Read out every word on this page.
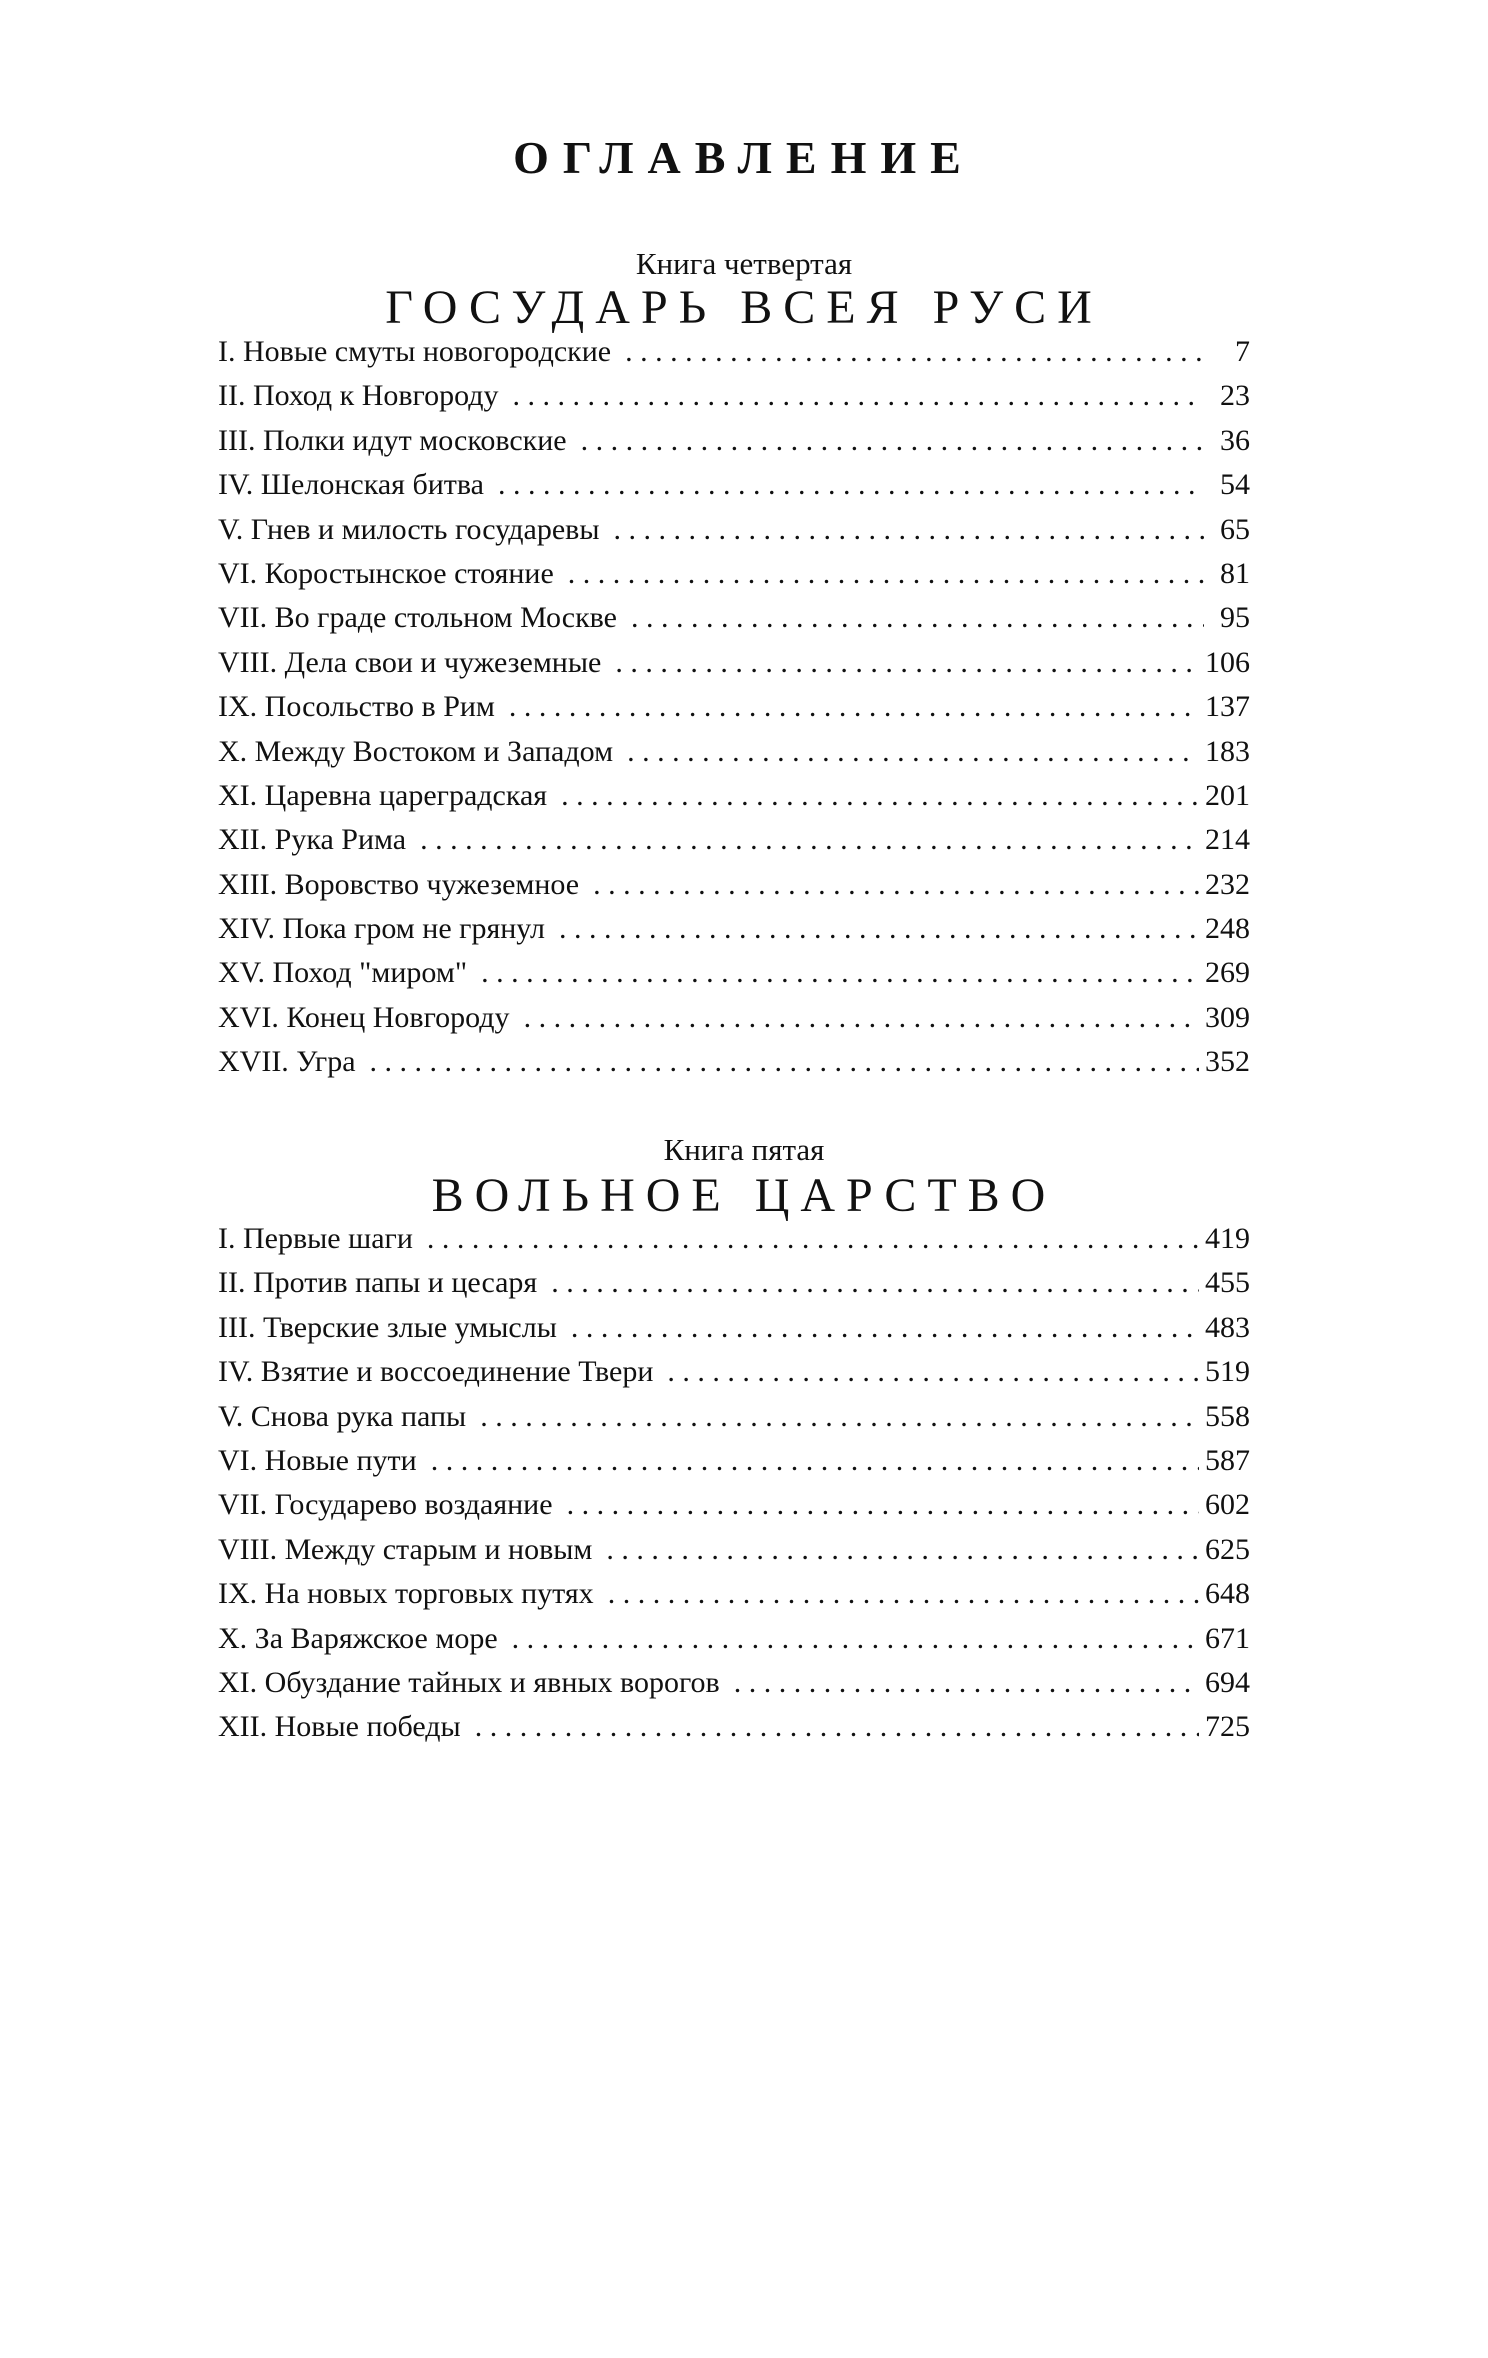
ОГЛАВЛЕНИЕ
Книга четвертая
ГОСУДАРЬ ВСЕЯ РУСИ
I. Новые смуты новогородские . . .	7
II. Поход к Новгороду . . .	23
III. Полки идут московские . . .	36
IV. Шелонская битва . . .	54
V. Гнев и милость государевы . . .	65
VI. Коростынское стояние . . .	81
VII. Во граде стольном Москве . . .	95
VIII. Дела свои и чужеземные . . .	106
IX. Посольство в Рим . . .	137
X. Между Востоком и Западом . . .	183
XI. Царевна цареградская . . .	201
XII. Рука Рима . . .	214
XIII. Воровство чужеземное . . .	232
XIV. Пока гром не грянул . . .	248
XV. Поход "миром" . . .	269
XVI. Конец Новгороду . . .	309
XVII. Угра . . .	352
Книга пятая
ВОЛЬНОЕ ЦАРСТВО
I. Первые шаги . . .	419
II. Против папы и цесаря . . .	455
III. Тверские злые умыслы . . .	483
IV. Взятие и воссоединение Твери . . .	519
V. Снова рука папы . . .	558
VI. Новые пути . . .	587
VII. Государево воздаяние . . .	602
VIII. Между старым и новым . . .	625
IX. На новых торговых путях . . .	648
X. За Варяжское море . . .	671
XI. Обуздание тайных и явных ворогов . . .	694
XII. Новые победы . . .	725
